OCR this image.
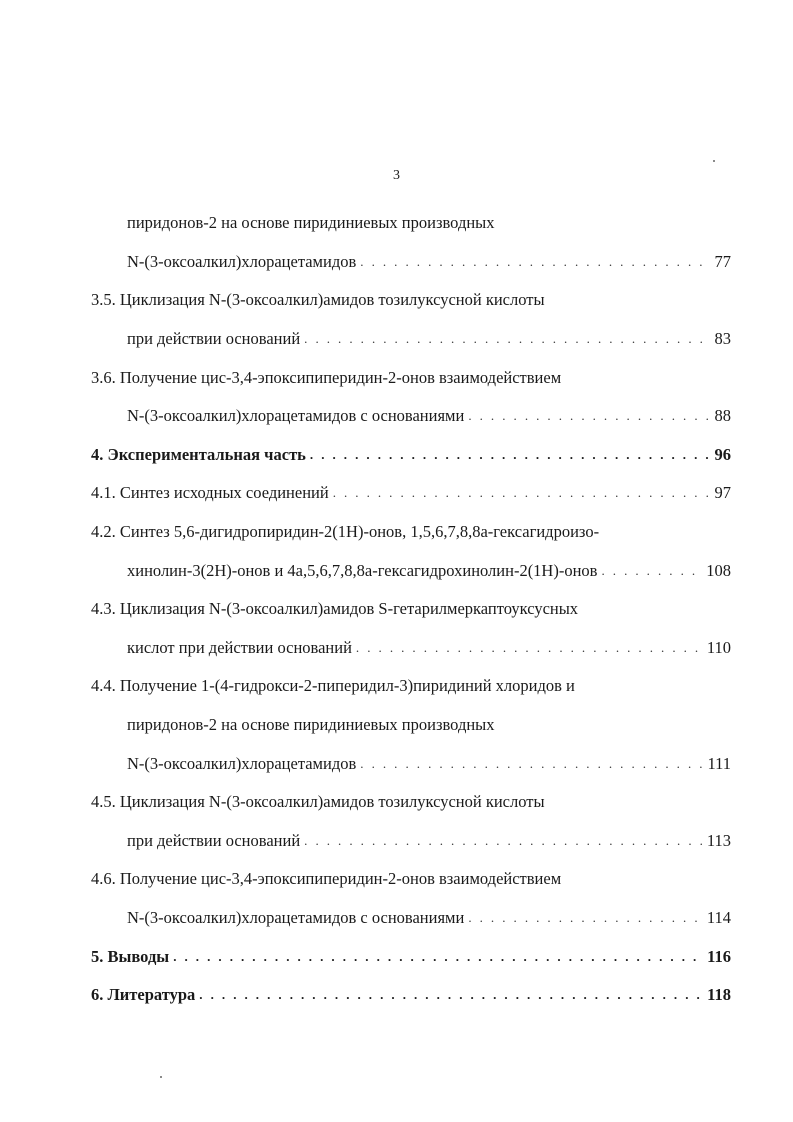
3
пиридонов-2 на основе пиридиниевых производных
N-(3-оксоалкил)хлорацетамидов . . .	77
3.5. Циклизация N-(3-оксоалкил)амидов тозилуксусной кислоты
при действии оснований . . .	83
3.6. Получение цис-3,4-эпоксипиперидин-2-онов взаимодействием
N-(3-оксоалкил)хлорацетамидов с основаниями . . .	88
4. Экспериментальная часть . . .	96
4.1. Синтез исходных соединений . . .	97
4.2. Синтез 5,6-дигидропиридин-2(1Н)-онов, 1,5,6,7,8,8а-гексагидроизо-
хинолин-3(2Н)-онов и 4а,5,6,7,8,8а-гексагидрохинолин-2(1Н)-онов . . .	108
4.3. Циклизация N-(3-оксоалкил)амидов S-гетарилмеркаптоуксусных
кислот при действии оснований . . .	110
4.4. Получение 1-(4-гидрокси-2-пиперидил-3)пиридиний хлоридов и
пиридонов-2 на основе пиридиниевых производных
N-(3-оксоалкил)хлорацетамидов . . .	111
4.5. Циклизация N-(3-оксоалкил)амидов тозилуксусной кислоты
при действии оснований . . .	113
4.6. Получение цис-3,4-эпоксипиперидин-2-онов взаимодействием
N-(3-оксоалкил)хлорацетамидов с основаниями . . .	114
5. Выводы . . .	116
6. Литература . . .	118
